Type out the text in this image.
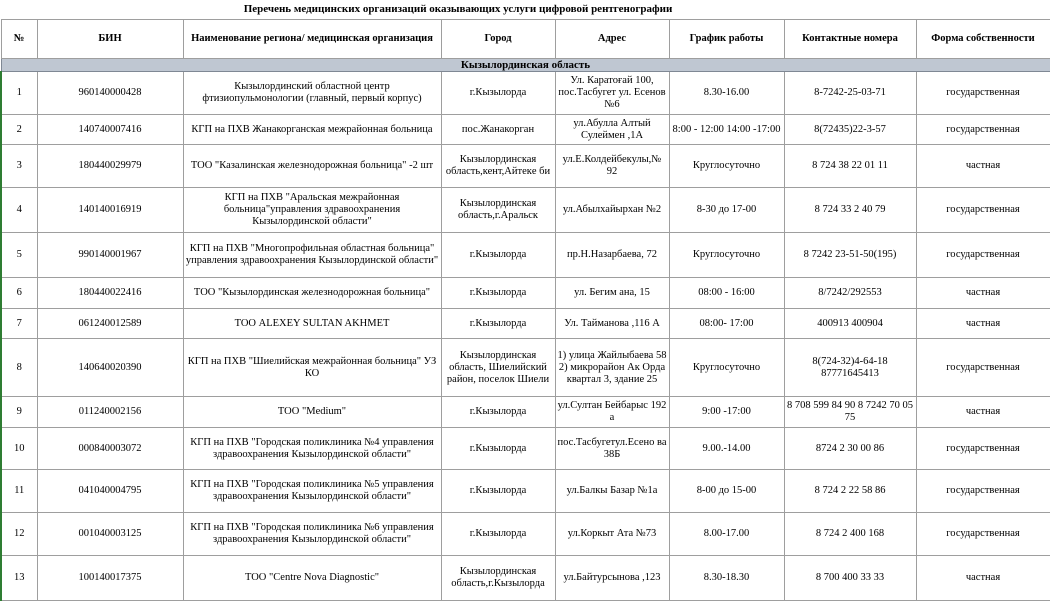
Перечень медицинских организаций оказывающих услуги цифровой рентгенографии
№	БИН	Наименование региона/ медицинская организация	Город	Адрес	График работы	Контактные номера	Форма собственности
Кызылординская область							
1	960140000428	Кызылординский областной центр фтизиопульмонологии (главный, первый корпус)	г.Кызылорда	Ул. Каратоғай 100, пос.Тасбугет ул. Есенов №6	8.30-16.00	8-7242-25-03-71	государственная
2	140740007416	КГП на ПХВ Жанакорганская межрайонная больница	пос.Жанакорган	ул.Абулла Алтый Сулеймен ,1А	8:00 - 12:00 14:00 -17:00	8(72435)22-3-57	государственная
3	180440029979	ТОО "Казалинская железнодорожная больница" -2 шт	Кызылординская область,кент,Айтекe би	ул.Е.Колдейбекулы,№ 92	Круглосуточно	8 724 38 22 01 11	частная
4	140140016919	КГП на ПХВ "Аральская межрайонная больница"управления здравоохранения Кызылординской области"	Кызылординская область,г.Аральск	ул.Абылхайырхан №2	8-30 до 17-00	8 724 33 2 40 79	государственная
5	990140001967	КГП на ПХВ "Многопрофильная областная больница" управления здравоохранения Кызылординской области"	г.Кызылорда	пр.Н.Назарбаева, 72	Круглосуточно	8 7242 23-51-50(195)	государственная
6	180440022416	ТОО "Кызылординская железнодорожная больница"	г.Кызылорда	ул. Бегим ана, 15	08:00 - 16:00	8/7242/292553	частная
7	061240012589	ТОО ALEXEY SULTAN AKHMET	г.Кызылорда	Ул. Тайманова ,116 А	08:00- 17:00	400913 400904	частная
8	140640020390	КГП на ПХВ "Шиелийская межрайонная больница" УЗ КО	Кызылординская область, Шиелийский район, поселок Шиели	1) улица Жайлыбаева 58 2) микрорайон Ак Орда квартал 3, здание 25	Круглосуточно	8(724-32)4-64-18 87771645413	государственная
9	011240002156	ТОО "Medium"	г.Кызылорда	ул.Султан Бейбарыс 192 а	9:00 -17:00	8 708 599 84 90 8 7242 70 05 75	частная
10	000840003072	КГП на ПХВ "Городская поликлиника №4 управления здравоохранения Кызылординской области"	г.Кызылорда	пос.Тасбугетул.Есено ва 38Б	9.00.-14.00	8724 2 30 00 86	государственная
11	041040004795	КГП на ПХВ "Городская поликлиника №5 управления здравоохранения Кызылординской области"	г.Кызылорда	ул.Балкы Базар №1а	8-00 до 15-00	8 724 2 22 58 86	государственная
12	001040003125	КГП на ПХВ "Городская поликлиника №6 управления здравоохранения Кызылординской области"	г.Кызылорда	ул.Коркыт Ата №73	8.00-17.00	8 724 2 400 168	государственная
13	100140017375	ТОО "Centre Nova Diagnostic"	Кызылординская область,г.Кызылорда	ул.Байтурсынова ,123	8.30-18.30	8 700 400 33 33	частная
